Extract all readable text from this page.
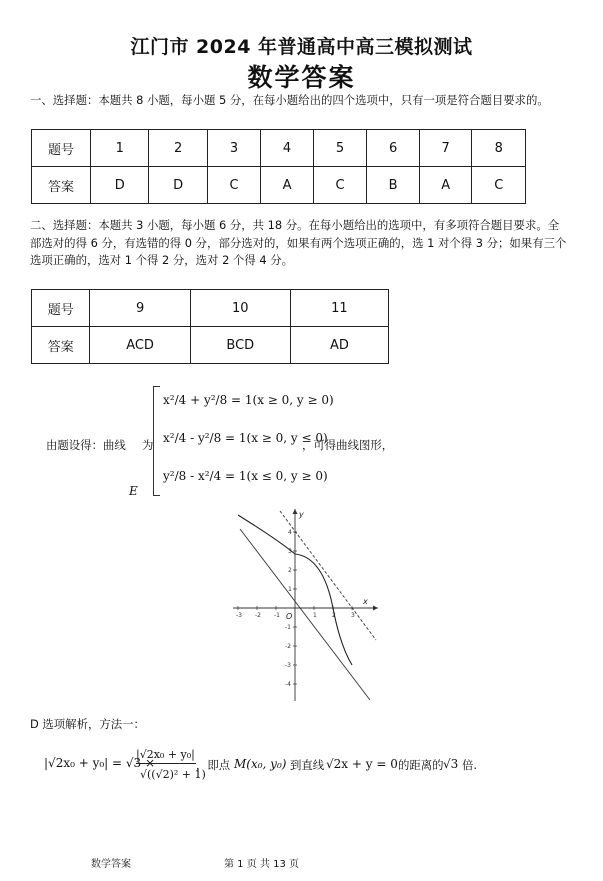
江门市 2024 年普通高中高三模拟测试
数学答案
一、选择题：本题共 8 小题，每小题 5 分，在每小题给出的四个选项中，只有一项是符合题目要求的。
题号	1	2	3	4	5	6	7	8
答案	D	D	C	A	C	B	A	C
二、选择题：本题共 3 小题，每小题 6 分，共 18 分。在每小题给出的选项中，有多项符合题目要求。全
部选对的得 6 分，有选错的得 0 分，部分选对的，如果有两个选项正确的，选 1 对个得 3 分；如果有三个
选项正确的，选对 1 个得 2 分，选对 2 个得 4 分。
题号	9	10	11
答案	ACD	BCD	AD
由题设得：曲线 为
E
x²/4 + y²/8 = 1(x ≥ 0, y ≥ 0)
x²/4 - y²/8 = 1(x ≥ 0, y ≤ 0)
y²/8 - x²/4 = 1(x ≤ 0, y ≥ 0)
，可得曲线图形，
-3 -2 -1	1	2	3
4
3
2
1
-1
-2
-3
-4
x
y
O
D 选项解析，方法一：
|√2x₀ + y₀| = √3 ×
|√2x₀ + y₀|
√((√2)² + 1)
，即点 M(x₀, y₀) 到直线 √2x + y = 0 的距离的 √3 倍.
数学答案	第 1 页 共 13 页
